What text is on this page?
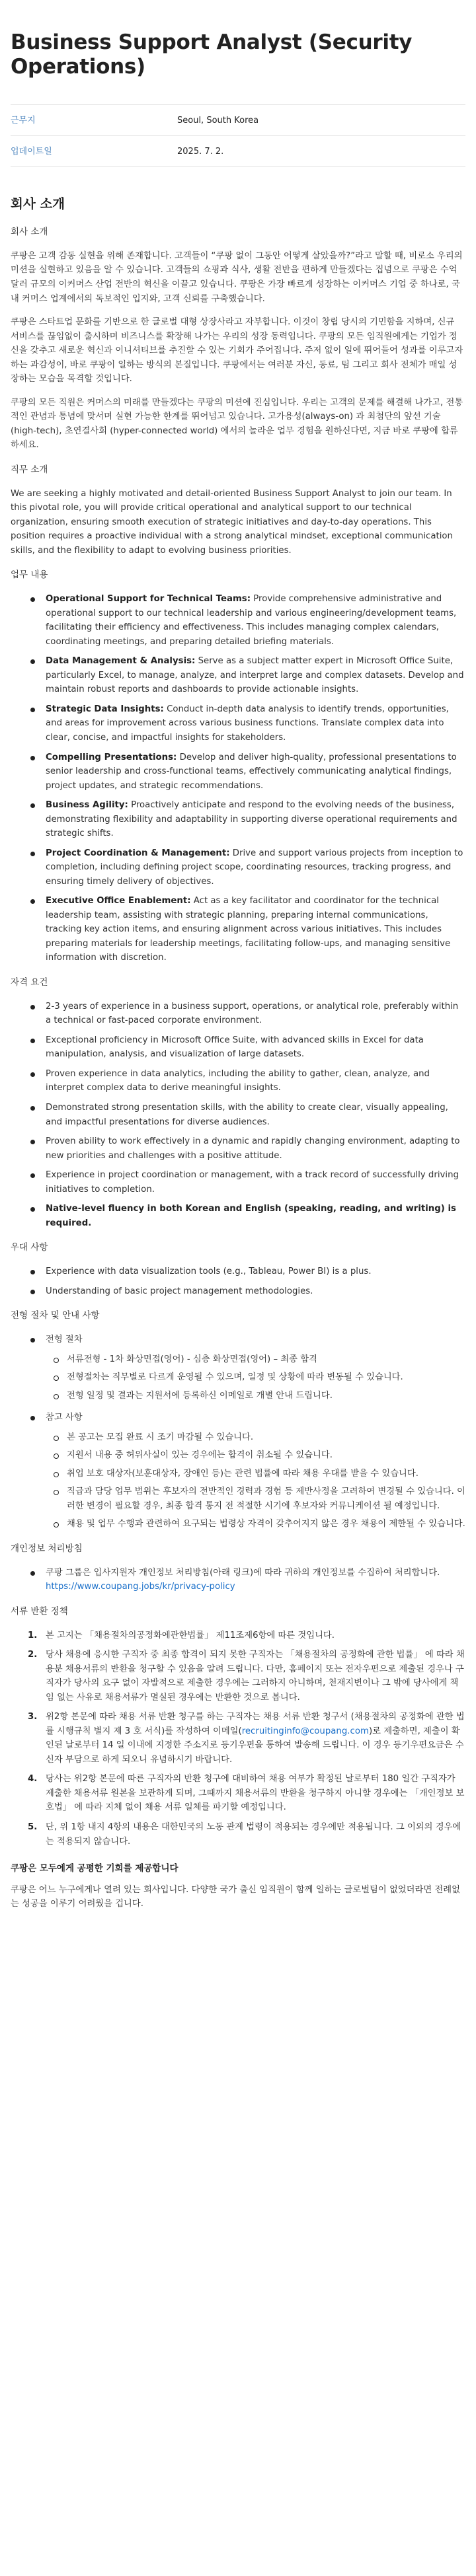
Business Support Analyst (Security Operations)
근무지	Seoul, South Korea
업데이트일	2025. 7. 2.
회사 소개
회사 소개

쿠팡은 고객 감동 실현을 위해 존재합니다. 고객들이 “쿠팡 없이 그동안 어떻게 살았을까?”라고 말할 때, 비로소 우리의 미션을 실현하고 있음을 알 수 있습니다. 고객들의 쇼핑과 식사, 생활 전반을 편하게 만들겠다는 집념으로 쿠팡은 수억 달러 규모의 이커머스 산업 전반의 혁신을 이끌고 있습니다. 쿠팡은 가장 빠르게 성장하는 이커머스 기업 중 하나로, 국내 커머스 업계에서의 독보적인 입지와, 고객 신뢰를 구축했습니다.

쿠팡은 스타트업 문화를 기반으로 한 글로벌 대형 상장사라고 자부합니다. 이것이 창립 당시의 기민함을 지하며, 신규 서비스를 끊임없이 출시하며 비즈니스를 확장해 나가는 우리의 성장 동력입니다. 쿠팡의 모든 임직원에게는 기업가 정신을 갖추고 새로운 혁신과 이니셔티브를 추진할 수 있는 기회가 주어집니다. 주저 없이 일에 뛰어들어 성과를 이루고자 하는 과감성이, 바로 쿠팡이 일하는 방식의 본질입니다. 쿠팡에서는 여러분 자신, 동료, 팀 그리고 회사 전체가 매일 성장하는 모습을 목격할 것입니다.

쿠팡의 모든 직원은 커머스의 미래를 만들겠다는 쿠팡의 미션에 진심입니다. 우리는 고객의 문제를 해결해 나가고, 전통적인 관념과 통념에 맞서며 실현 가능한 한계를 뛰어넘고 있습니다. 고가용성(always-on) 과 최첨단의 앞선 기술 (high-tech), 초연결사회 (hyper-connected world) 에서의 놀라운 업무 경험을 원하신다면, 지금 바로 쿠팡에 합류하세요.

직무 소개

We are seeking a highly motivated and detail-oriented Business Support Analyst to join our team. In this pivotal role, you will provide critical operational and analytical support to our technical organization, ensuring smooth execution of strategic initiatives and day-to-day operations. This position requires a proactive individual with a strong analytical mindset, exceptional communication skills, and the flexibility to adapt to evolving business priorities.

업무 내용
Operational Support for Technical Teams: Provide comprehensive administrative and operational support to our technical leadership and various engineering/development teams, facilitating their efficiency and effectiveness. This includes managing complex calendars, coordinating meetings, and preparing detailed briefing materials.
Data Management & Analysis: Serve as a subject matter expert in Microsoft Office Suite, particularly Excel, to manage, analyze, and interpret large and complex datasets. Develop and maintain robust reports and dashboards to provide actionable insights.
Strategic Data Insights: Conduct in-depth data analysis to identify trends, opportunities, and areas for improvement across various business functions. Translate complex data into clear, concise, and impactful insights for stakeholders.
Compelling Presentations: Develop and deliver high-quality, professional presentations to senior leadership and cross-functional teams, effectively communicating analytical findings, project updates, and strategic recommendations.
Business Agility: Proactively anticipate and respond to the evolving needs of the business, demonstrating flexibility and adaptability in supporting diverse operational requirements and strategic shifts.
Project Coordination & Management: Drive and support various projects from inception to completion, including defining project scope, coordinating resources, tracking progress, and ensuring timely delivery of objectives.
Executive Office Enablement: Act as a key facilitator and coordinator for the technical leadership team, assisting with strategic planning, preparing internal communications, tracking key action items, and ensuring alignment across various initiatives. This includes preparing materials for leadership meetings, facilitating follow-ups, and managing sensitive information with discretion.
자격 요건
2-3 years of experience in a business support, operations, or analytical role, preferably within a technical or fast-paced corporate environment.
Exceptional proficiency in Microsoft Office Suite, with advanced skills in Excel for data manipulation, analysis, and visualization of large datasets.
Proven experience in data analytics, including the ability to gather, clean, analyze, and interpret complex data to derive meaningful insights.
Demonstrated strong presentation skills, with the ability to create clear, visually appealing, and impactful presentations for diverse audiences.
Proven ability to work effectively in a dynamic and rapidly changing environment, adapting to new priorities and challenges with a positive attitude.
Experience in project coordination or management, with a track record of successfully driving initiatives to completion.
Native-level fluency in both Korean and English (speaking, reading, and writing) is required.
우대 사항
Experience with data visualization tools (e.g., Tableau, Power BI) is a plus.
Understanding of basic project management methodologies.
전형 절차 및 안내 사항
전형 절차
서류전형 - 1차 화상면접(영어) - 심층 화상면접(영어) – 최종 합격
전형절차는 직무별로 다르게 운영될 수 있으며, 일정 및 상황에 따라 변동될 수 있습니다.
전형 일정 및 결과는 지원서에 등록하신 이메일로 개별 안내 드립니다.
참고 사항
본 공고는 모집 완료 시 조기 마감될 수 있습니다.
지원서 내용 중 허위사실이 있는 경우에는 합격이 취소될 수 있습니다.
취업 보호 대상자(보훈대상자, 장애인 등)는 관련 법률에 따라 채용 우대를 받을 수 있습니다.
직급과 담당 업무 범위는 후보자의 전반적인 경력과 경험 등 제반사정을 고려하여 변경될 수 있습니다. 이러한 변경이 필요할 경우, 최종 합격 통지 전 적절한 시기에 후보자와 커뮤니케이션 될 예정입니다.
채용 및 업무 수행과 관련하여 요구되는 법령상 자격이 갖추어지지 않은 경우 채용이 제한될 수 있습니다.
개인정보 처리방침
쿠팡 그룹은 입사지원자 개인정보 처리방침(아래 링크)에 따라 귀하의 개인정보를 수집하여 처리합니다. https://www.coupang.jobs/kr/privacy-policy
서류 반환 정책
1. 본 고지는 「채용절차의공정화에관한법률」 제11조제6항에 따른 것입니다.
2. 당사 채용에 응시한 구직자 중 최종 합격이 되지 못한 구직자는 「채용절차의 공정화에 관한 법률」 에 따라 채용분 채용서류의 반환을 청구할 수 있음을 알려 드립니다. 다만, 홈페이지 또는 전자우편으로 제출된 경우나 구직자가 당사의 요구 없이 자발적으로 제출한 경우에는 그러하지 아니하며, 천재지변이나 그 밖에 당사에게 책임 없는 사유로 채용서류가 멸실된 경우에는 반환한 것으로 봅니다.
3. 위2항 본문에 따라 채용 서류 반환 청구를 하는 구직자는 채용 서류 반환 청구서 (채용절차의 공정화에 관한 법률 시행규칙 별지 제 3 호 서식)를 작성하여 이메일(recruitinginfo@coupang.com)로 제출하면, 제출이 확인된 날로부터 14 일 이내에 지정한 주소지로 등기우편을 통하여 발송해 드립니다. 이 경우 등기우편요금은 수신자 부담으로 하게 되오니 유념하시기 바랍니다.
4. 당사는 위2항 본문에 따른 구직자의 반환 청구에 대비하여 채용 여부가 확정된 날로부터 180 일간 구직자가 제출한 채용서류 원본을 보관하게 되며, 그때까지 채용서류의 반환을 청구하지 아니할 경우에는 「개인정보 보호법」 에 따라 지체 없이 채용 서류 일체를 파기할 예정입니다.
5. 단, 위 1항 내지 4항의 내용은 대한민국의 노동 관계 법령이 적용되는 경우에만 적용됩니다. 그 이외의 경우에는 적용되지 않습니다.
쿠팡은 모두에게 공평한 기회를 제공합니다

쿠팡은 어느 누구에게나 열려 있는 회사입니다. 다양한 국가 출신 임직원이 함께 일하는 글로벌팀이 없었더라면 전례없는 성공을 이루기 어려웠을 겁니다.
